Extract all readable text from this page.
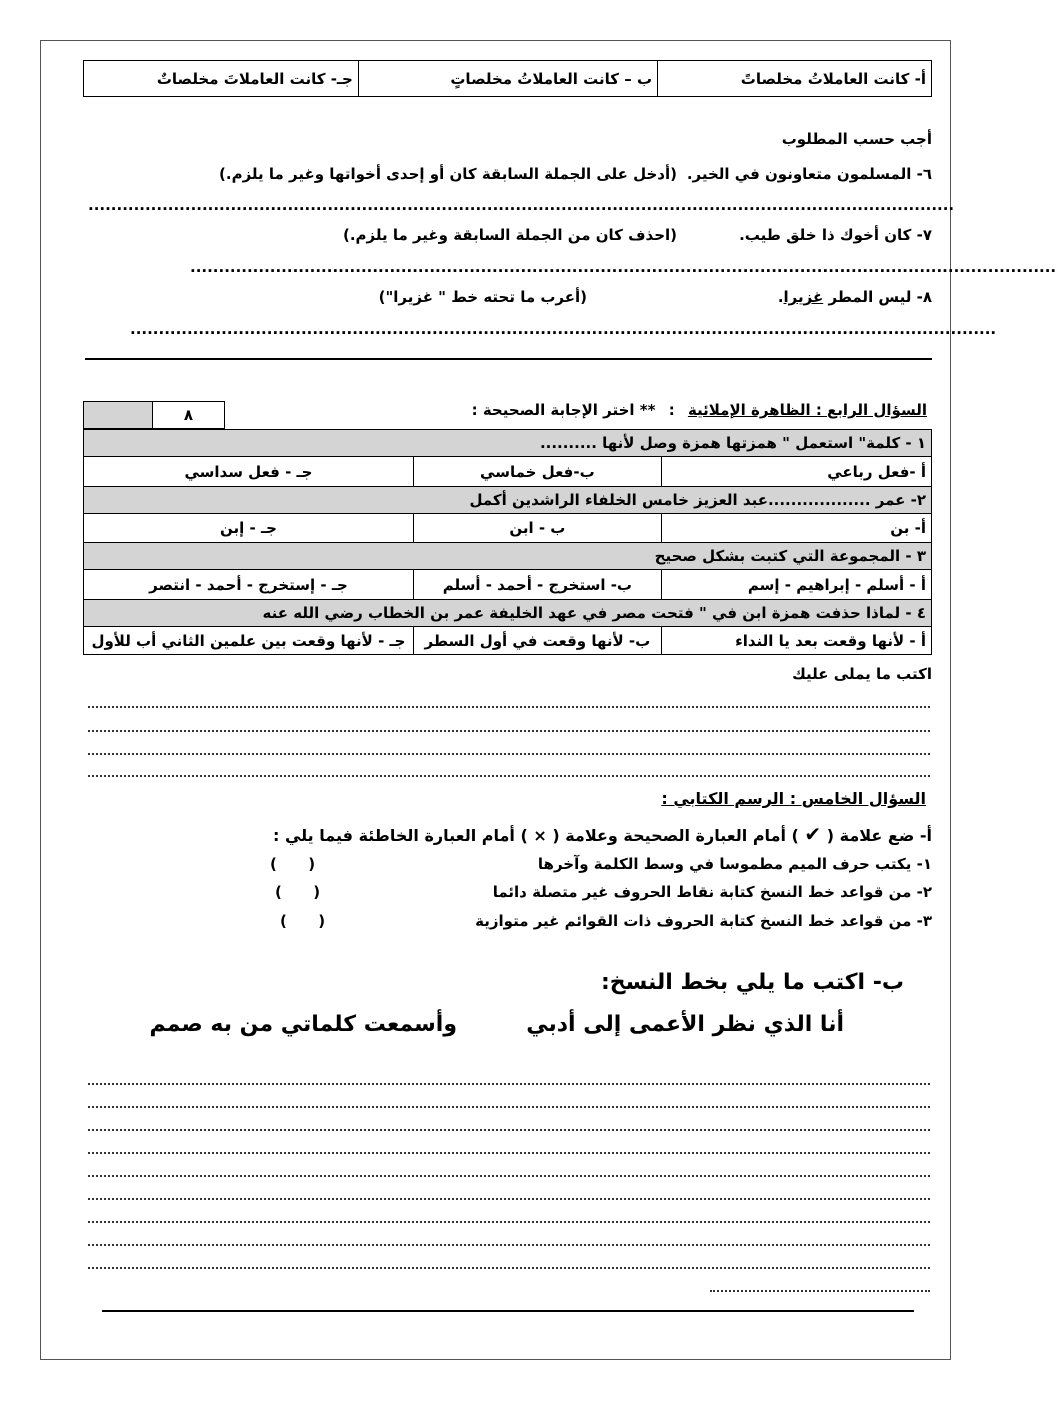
جـ- كانت العاملاتَ مخلصاتٌ	ب – كانت العاملاتُ مخلصاتٍ	أ- كانت العاملاتُ مخلصاتً
أجب حسب المطلوب
٦- المسلمون متعاونون في الخير.
(أدخل على الجملة السابقة كان أو إحدى أخواتها وغير ما يلزم.)
........................................................................................................................................................
٧- كان أخوك ذا خلق طيب.
(احذف كان من الجملة السابقة وغير ما يلزم.)
........................................................................................................................................................
٨- ليس المطر غزيرا.
(أعرب ما تحته خط " غزيرا")
........................................................................................................................................................
السؤال الرابع : الظاهرة الإملائية : ** اختر الإجابة الصحيحة :
	٨
١ - كلمة" استعمل " همزتها همزة وصل لأنها ..........		
جـ - فعل سداسي	ب-فعل خماسي	أ -فعل رباعي
٢- عمر ..................عبد العزيز خامس الخلفاء الراشدين أكمل		
جـ - إبن	ب - ابن	أ- بن
٣ - المجموعة التي كتبت بشكل صحيح		
جـ - إستخرج - أحمد - انتصر	ب- استخرج - أحمد - أسلم	أ - أسلم - إبراهيم - إسم
٤ - لماذا حذفت همزة ابن في " فتحت مصر في عهد الخليفة عمر بن الخطاب رضي الله عنه		
جـ - لأنها وقعت بين علمين الثاني أب للأول	ب- لأنها وقعت في أول السطر	أ - لأنها وقعت بعد يا النداء
اكتب ما يملى عليك
السؤال الخامس : الرسم الكتابي :
أ- ضع علامة ( ✔ ) أمام العبارة الصحيحة وعلامة ( × ) أمام العبارة الخاطئة فيما يلي :
١- يكتب حرف الميم مطموسا في وسط الكلمة وآخرها
(      )
٢- من قواعد خط النسخ كتابة نقاط الحروف غير متصلة دائما
(      )
٣- من قواعد خط النسخ كتابة الحروف ذات القوائم غير متوازية
(      )
ب- اكتب ما يلي بخط النسخ:
أنا الذي نظر الأعمى إلى أدبي
وأسمعت كلماتي من به صمم
